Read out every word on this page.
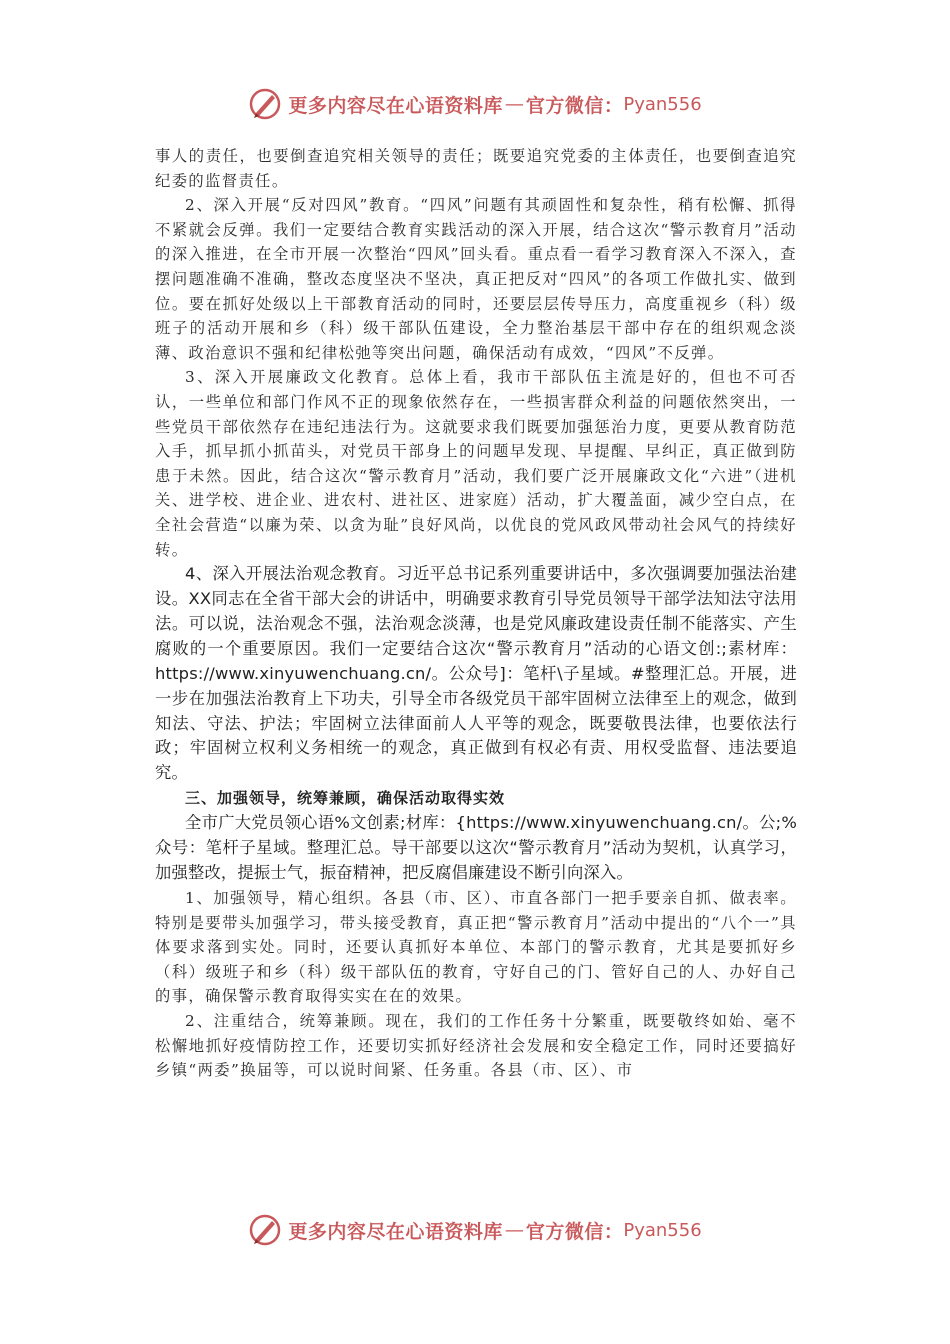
更多内容尽在心语资料库 — 官方微信： Pyan556

事人的责任，也要倒查追究相关领导的责任；既要追究党委的主体责任，也要倒查追究纪委的监督责任。

2、深入开展“反对四风”教育。“四风”问题有其顽固性和复杂性，稍有松懈、抓得不紧就会反弹。我们一定要结合教育实践活动的深入开展，结合这次“警示教育月”活动的深入推进，在全市开展一次整治“四风”回头看。重点看一看学习教育深入不深入，查摆问题准确不准确，整改态度坚决不坚决，真正把反对“四风”的各项工作做扎实、做到位。要在抓好处级以上干部教育活动的同时，还要层层传导压力，高度重视乡（科）级班子的活动开展和乡（科）级干部队伍建设，全力整治基层干部中存在的组织观念淡薄、政治意识不强和纪律松弛等突出问题，确保活动有成效，“四风”不反弹。

3、深入开展廉政文化教育。总体上看，我市干部队伍主流是好的，但也不可否认，一些单位和部门作风不正的现象依然存在，一些损害群众利益的问题依然突出，一些党员干部依然存在违纪违法行为。这就要求我们既要加强惩治力度，更要从教育防范入手，抓早抓小抓苗头，对党员干部身上的问题早发现、早提醒、早纠正，真正做到防患于未然。因此，结合这次“警示教育月”活动，我们要广泛开展廉政文化“六进”（进机关、进学校、进企业、进农村、进社区、进家庭）活动，扩大覆盖面，减少空白点，在全社会营造“以廉为荣、以贪为耻”良好风尚，以优良的党风政风带动社会风气的持续好转。

4、深入开展法治观念教育。习近平总书记系列重要讲话中，多次强调要加强法治建设。XX同志在全省干部大会的讲话中，明确要求教育引导党员领导干部学法知法守法用法。可以说，法治观念不强，法治观念淡薄，也是党风廉政建设责任制不能落实、产生腐败的一个重要原因。我们一定要结合这次“警示教育月”活动的心语文创:;素材库：https://www.xinyuwenchuang.cn/。公众号]：笔杆\子星域。#整理汇总。开展，进一步在加强法治教育上下功夫，引导全市各级党员干部牢固树立法律至上的观念，做到知法、守法、护法；牢固树立法律面前人人平等的观念，既要敬畏法律，也要依法行政；牢固树立权利义务相统一的观念，真正做到有权必有责、用权受监督、违法要追究。

三、加强领导，统筹兼顾，确保活动取得实效

全市广大党员领心语%文创素;材库：{https://www.xinyuwenchuang.cn/。公;%众号：笔杆子星域。整理汇总。导干部要以这次“警示教育月”活动为契机，认真学习，加强整改，提振士气，振奋精神，把反腐倡廉建设不断引向深入。

1、加强领导，精心组织。各县（市、区）、市直各部门一把手要亲自抓、做表率。特别是要带头加强学习，带头接受教育，真正把“警示教育月”活动中提出的“八个一”具体要求落到实处。同时，还要认真抓好本单位、本部门的警示教育，尤其是要抓好乡（科）级班子和乡（科）级干部队伍的教育，守好自己的门、管好自己的人、办好自己的事，确保警示教育取得实实在在的效果。

2、注重结合，统筹兼顾。现在，我们的工作任务十分繁重，既要敬终如始、毫不松懈地抓好疫情防控工作，还要切实抓好经济社会发展和安全稳定工作，同时还要搞好乡镇“两委”换届等，可以说时间紧、任务重。各县（市、区）、市

更多内容尽在心语资料库 — 官方微信： Pyan556
